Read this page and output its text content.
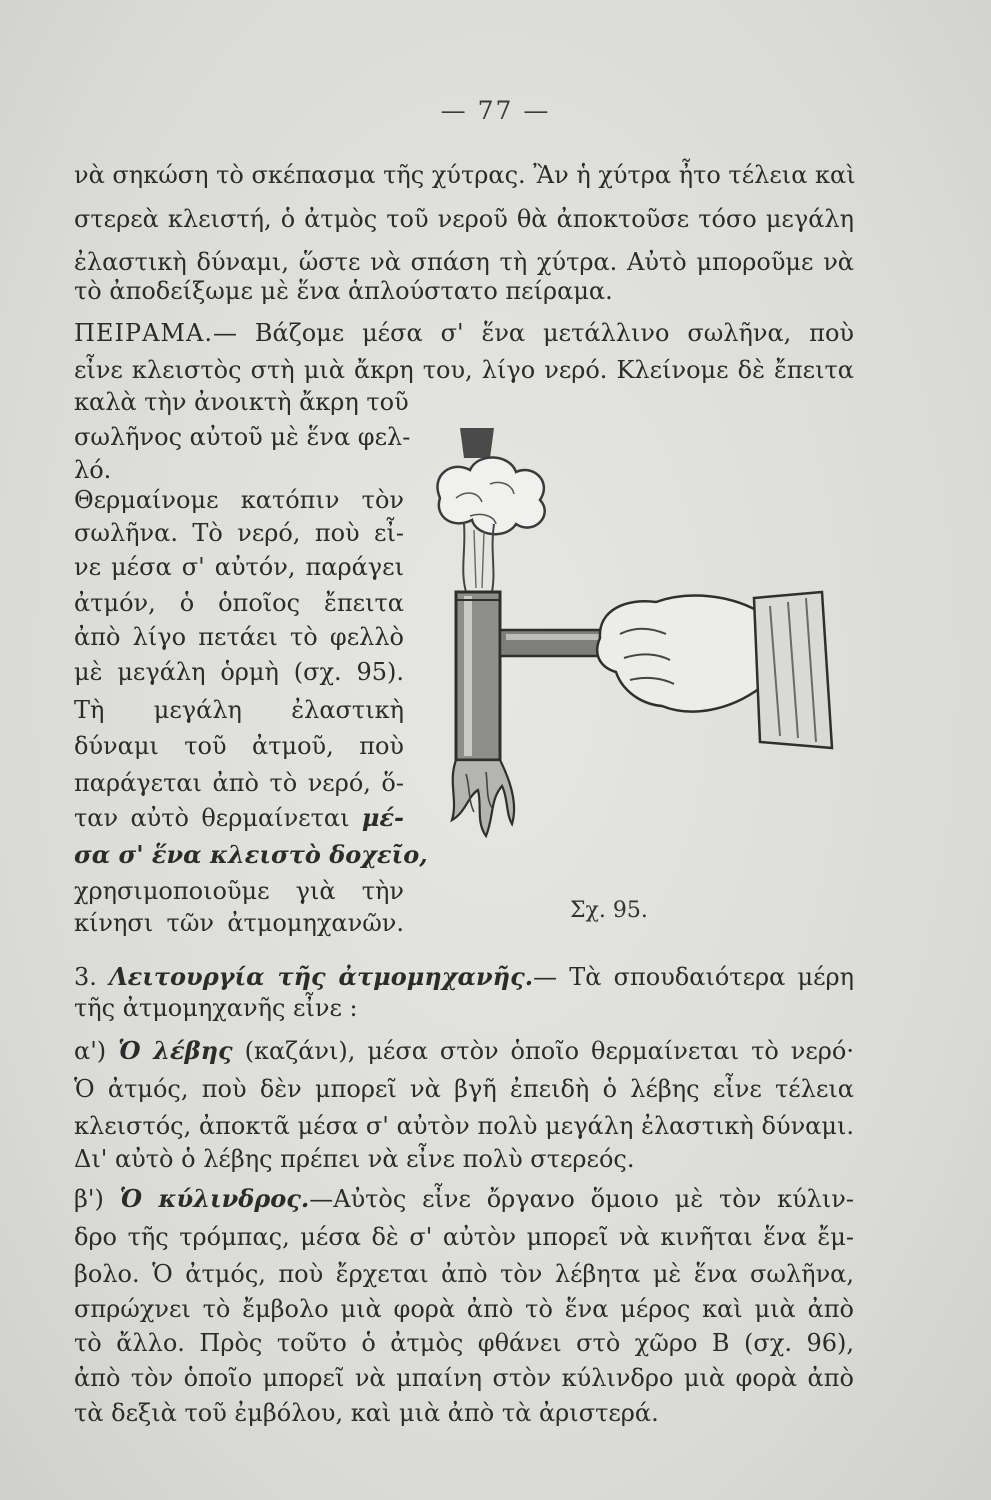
— 77 —
νὰ σηκώση τὸ σκέπασμα τῆς χύτρας. Ἂν ἡ χύτρα ἦτο τέλεια καὶ
στερεὰ κλειστή, ὁ ἀτμὸς τοῦ νεροῦ θὰ ἀποκτοῦσε τόσο μεγάλη
ἐλαστικὴ δύναμι, ὥστε νὰ σπάση τὴ χύτρα. Αὐτὸ μποροῦμε νὰ
τὸ ἀποδείξωμε μὲ ἕνα ἁπλούστατο πείραμα.
ΠΕΙΡΑΜΑ.— Βάζομε μέσα σ' ἕνα μετάλλινο σωλῆνα, ποὺ
εἶνε κλειστὸς στὴ μιὰ ἄκρη του, λίγο νερό. Κλείνομε δὲ ἔπειτα
καλὰ τὴν ἀνοικτὴ ἄκρη τοῦ
σωλῆνος αὐτοῦ μὲ ἕνα φελ-
λό.
Θερμαίνομε κατόπιν τὸν
σωλῆνα. Τὸ νερό, ποὺ εἶ-
νε μέσα σ' αὐτόν, παράγει
ἀτμόν, ὁ ὁποῖος ἔπειτα
ἀπὸ λίγο πετάει τὸ φελλὸ
μὲ μεγάλη ὁρμὴ (σχ. 95).
Τὴ μεγάλη ἐλαστικὴ
δύναμι τοῦ ἀτμοῦ, ποὺ
παράγεται ἀπὸ τὸ νερό, ὅ-
ταν αὐτὸ θερμαίνεται μέ-
σα σ' ἕνα κλειστὸ δοχεῖο,
χρησιμοποιοῦμε γιὰ τὴν
κίνησι τῶν ἀτμομηχανῶν.	Σχ. 95.
3. Λειτουργία τῆς ἀτμομηχανῆς.— Τὰ σπουδαιότερα μέρη
τῆς ἀτμομηχανῆς εἶνε :
α') Ὁ λέβης (καζάνι), μέσα στὸν ὁποῖο θερμαίνεται τὸ νερό·
Ὁ ἀτμός, ποὺ δὲν μπορεῖ νὰ βγῆ ἐπειδὴ ὁ λέβης εἶνε τέλεια
κλειστός, ἀποκτᾶ μέσα σ' αὐτὸν πολὺ μεγάλη ἐλαστικὴ δύναμι.
Δι' αὐτὸ ὁ λέβης πρέπει νὰ εἶνε πολὺ στερεός.
β') Ὁ κύλινδρος.—Αὐτὸς εἶνε ὄργανο ὅμοιο μὲ τὸν κύλιν-
δρο τῆς τρόμπας, μέσα δὲ σ' αὐτὸν μπορεῖ νὰ κινῆται ἕνα ἔμ-
βολο. Ὁ ἀτμός, ποὺ ἔρχεται ἀπὸ τὸν λέβητα μὲ ἕνα σωλῆνα,
σπρώχνει τὸ ἔμβολο μιὰ φορὰ ἀπὸ τὸ ἕνα μέρος καὶ μιὰ ἀπὸ
τὸ ἄλλο. Πρὸς τοῦτο ὁ ἀτμὸς φθάνει στὸ χῶρο Β (σχ. 96),
ἀπὸ τὸν ὁποῖο μπορεῖ νὰ μπαίνη στὸν κύλινδρο μιὰ φορὰ ἀπὸ
τὰ δεξιὰ τοῦ ἐμβόλου, καὶ μιὰ ἀπὸ τὰ ἀριστερά.
